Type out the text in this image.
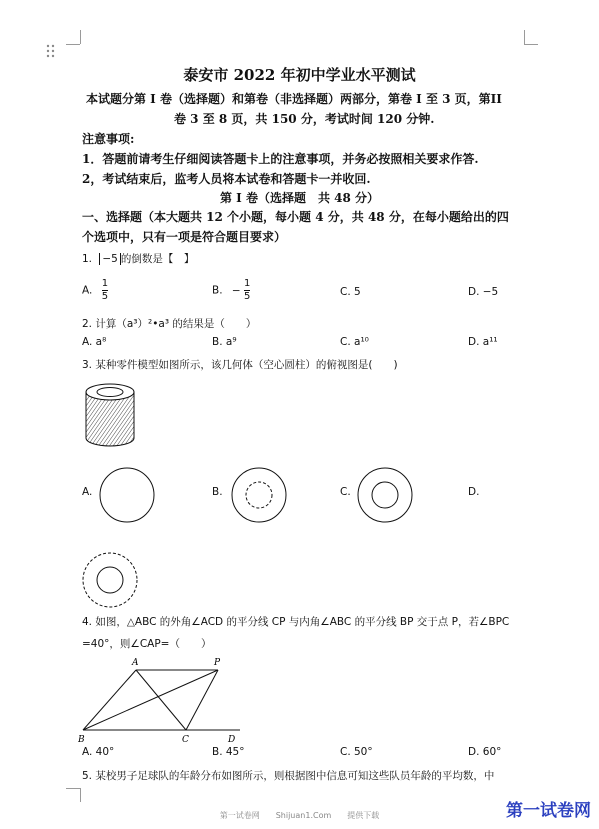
泰安市 2022 年初中学业水平测试
本试题分第 I 卷（选择题）和第卷（非选择题）两部分，第卷 I 至 3 页，第II
卷 3 至 8 页，共 150 分，考试时间 120 分钟.
注意事项:
1．答题前请考生仔细阅读答题卡上的注意事项，并务必按照相关要求作答.
2，考试结束后，监考人员将本试卷和答题卡一并收回.
第 I 卷（选择题　共 48 分）
一、选择题（本大题共 12 个小题，每小题 4 分，共 48 分，在每小题给出的四
个选项中，只有一项是符合题目要求）
1. −5 的倒数是【　】
A. $\frac{1}{5}$	B. − $\frac{1}{5}$	C. 5	D. −5
2. 计算（a³）²•a³ 的结果是（　　）
A. a⁸	B. a⁹	C. a¹⁰	D. a¹¹
3. 某种零件模型如图所示，该几何体（空心圆柱）的俯视图是(　　)
A.	B.	C.	D.
4. 如图，△ABC 的外角∠ACD 的平分线 CP 与内角∠ABC 的平分线 BP 交于点 P，若∠BPC
=40°，则∠CAP=（　　）
A	P
B	C	D
A. 40°	B. 45°	C. 50°	D. 60°
5. 某校男子足球队的年龄分布如图所示，则根据图中信息可知这些队员年龄的平均数，中
第一试卷网　　Shijuan1.Com　　提供下载	第一试卷网
